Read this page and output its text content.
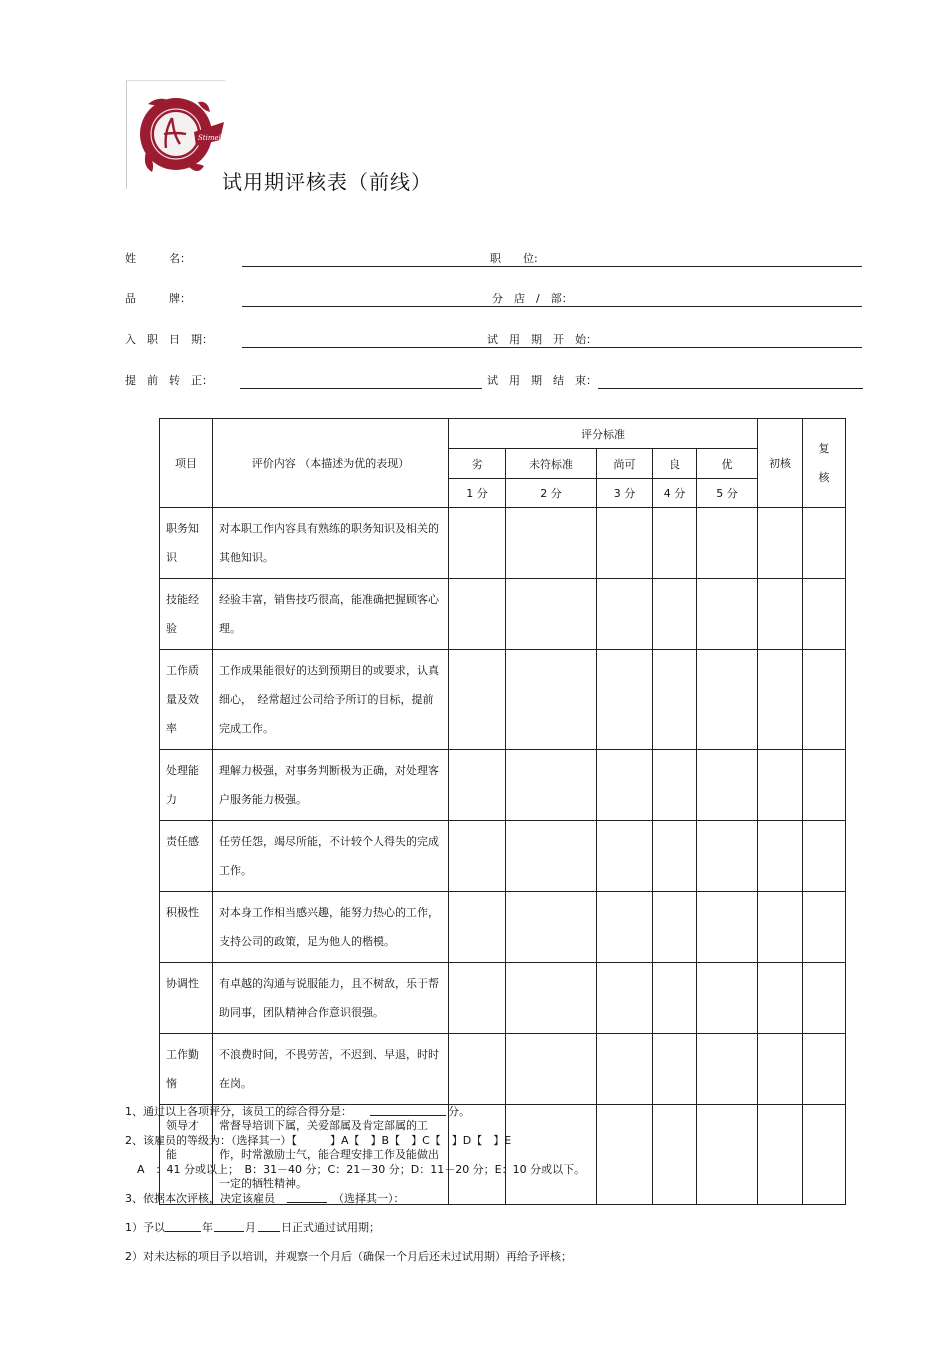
Stimel
试用期评核表（前线）
姓　　　名：	职　　位:
品　　　牌：	分　店　/　部：
入　职　日　期：	试　用　期　开　始：
提　前　转　正：	试　用　期　结　束：
项目	评价内容 （本描述为优的表现）	评分标准					初核	复
核
		劣	未符标准	尚可	良	优		
		1 分	2 分	3 分	4 分	5 分		
职务知识	对本职工作内容具有熟练的职务知识及相关的其他知识。							
技能经验	经验丰富，销售技巧很高，能准确把握顾客心理。							
工作质量及效率	工作成果能很好的达到预期目的或要求，认真细心，　经常超过公司给予所订的目标，提前完成工作。							
处理能力	理解力极强，对事务判断极为正确，对处理客户服务能力极强。							
责任感	任劳任怨，竭尽所能，不计较个人得失的完成工作。							
积极性	对本身工作相当感兴趣，能努力热心的工作，支持公司的政策，足为他人的楷模。							
协调性	有卓越的沟通与说服能力，且不树敌，乐于帮助同事，团队精神合作意识很强。							
工作勤惰	不浪费时间，不畏劳苦，不迟到、早退，时时在岗。							
领导才能	常督导培训下属，关爱部属及肯定部属的工作，时常激励士气，能合理安排工作及能做出一定的牺牲精神。							
1、通过以上各项评分，该员工的综合得分是：	分。
2、该雇员的等级为：（选择其一）【　　　】A【　】B【　】C【　】D【　】E
A　：41 分或以上；　B：31－40 分；C：21－30 分；D：11－20 分；E：10 分或以下。
3、依据本次评核，决定该雇员	（选择其一）：
1）予以	年	月 日正式通过试用期；
2）对未达标的项目予以培训，并观察一个月后（确保一个月后还未过试用期）再给予评核；
